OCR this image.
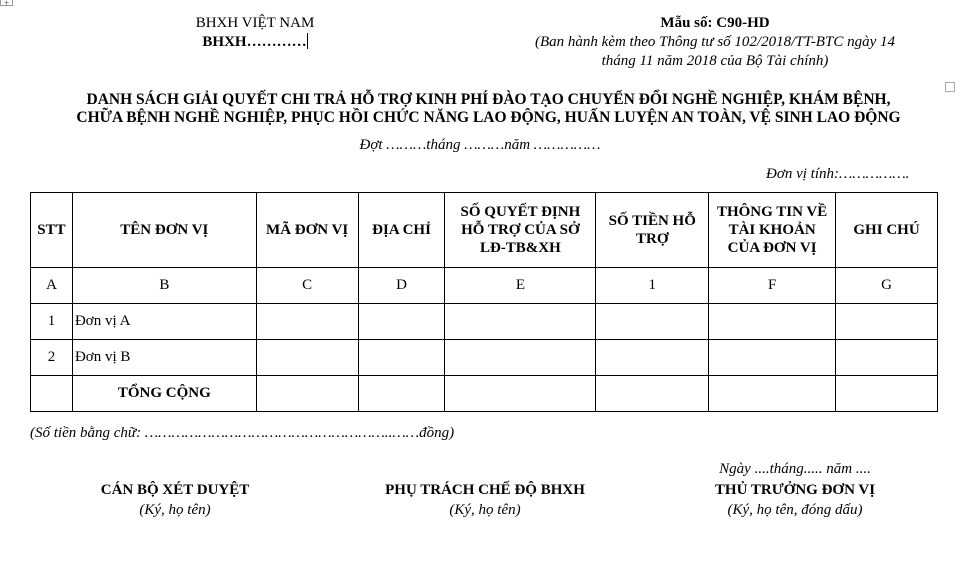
+
BHXH VIỆT NAM
BHXH…………
Mẫu số: C90-HD
(Ban hành kèm theo Thông tư số 102/2018/TT-BTC ngày 14
tháng 11 năm 2018 của Bộ Tài chính)
DANH SÁCH GIẢI QUYẾT CHI TRẢ HỖ TRỢ KINH PHÍ ĐÀO TẠO CHUYỂN ĐỔI NGHỀ NGHIỆP, KHÁM BỆNH,
CHỮA BỆNH NGHỀ NGHIỆP, PHỤC HỒI CHỨC NĂNG LAO ĐỘNG, HUẤN LUYỆN AN TOÀN, VỆ SINH LAO ĐỘNG
Đợt ………tháng ………năm ……………
Đơn vị tính:…………….
STT	TÊN ĐƠN VỊ	MÃ ĐƠN VỊ	ĐỊA CHỈ	SỐ QUYẾT ĐỊNH HỖ TRỢ CỦA SỞ LĐ-TB&XH	SỐ TIỀN HỖ TRỢ	THÔNG TIN VỀ TÀI KHOẢN CỦA ĐƠN VỊ	GHI CHÚ
A	B	C	D	E	1	F	G
1	Đơn vị A						
2	Đơn vị B						
	TỔNG CỘNG						
(Số tiền bằng chữ: ………………………………………………..……đồng)
Ngày ....tháng..... năm ....
CÁN BỘ XÉT DUYỆT
(Ký, họ tên)
PHỤ TRÁCH CHẾ ĐỘ BHXH
(Ký, họ tên)
THỦ TRƯỞNG ĐƠN VỊ
(Ký, họ tên, đóng dấu)
